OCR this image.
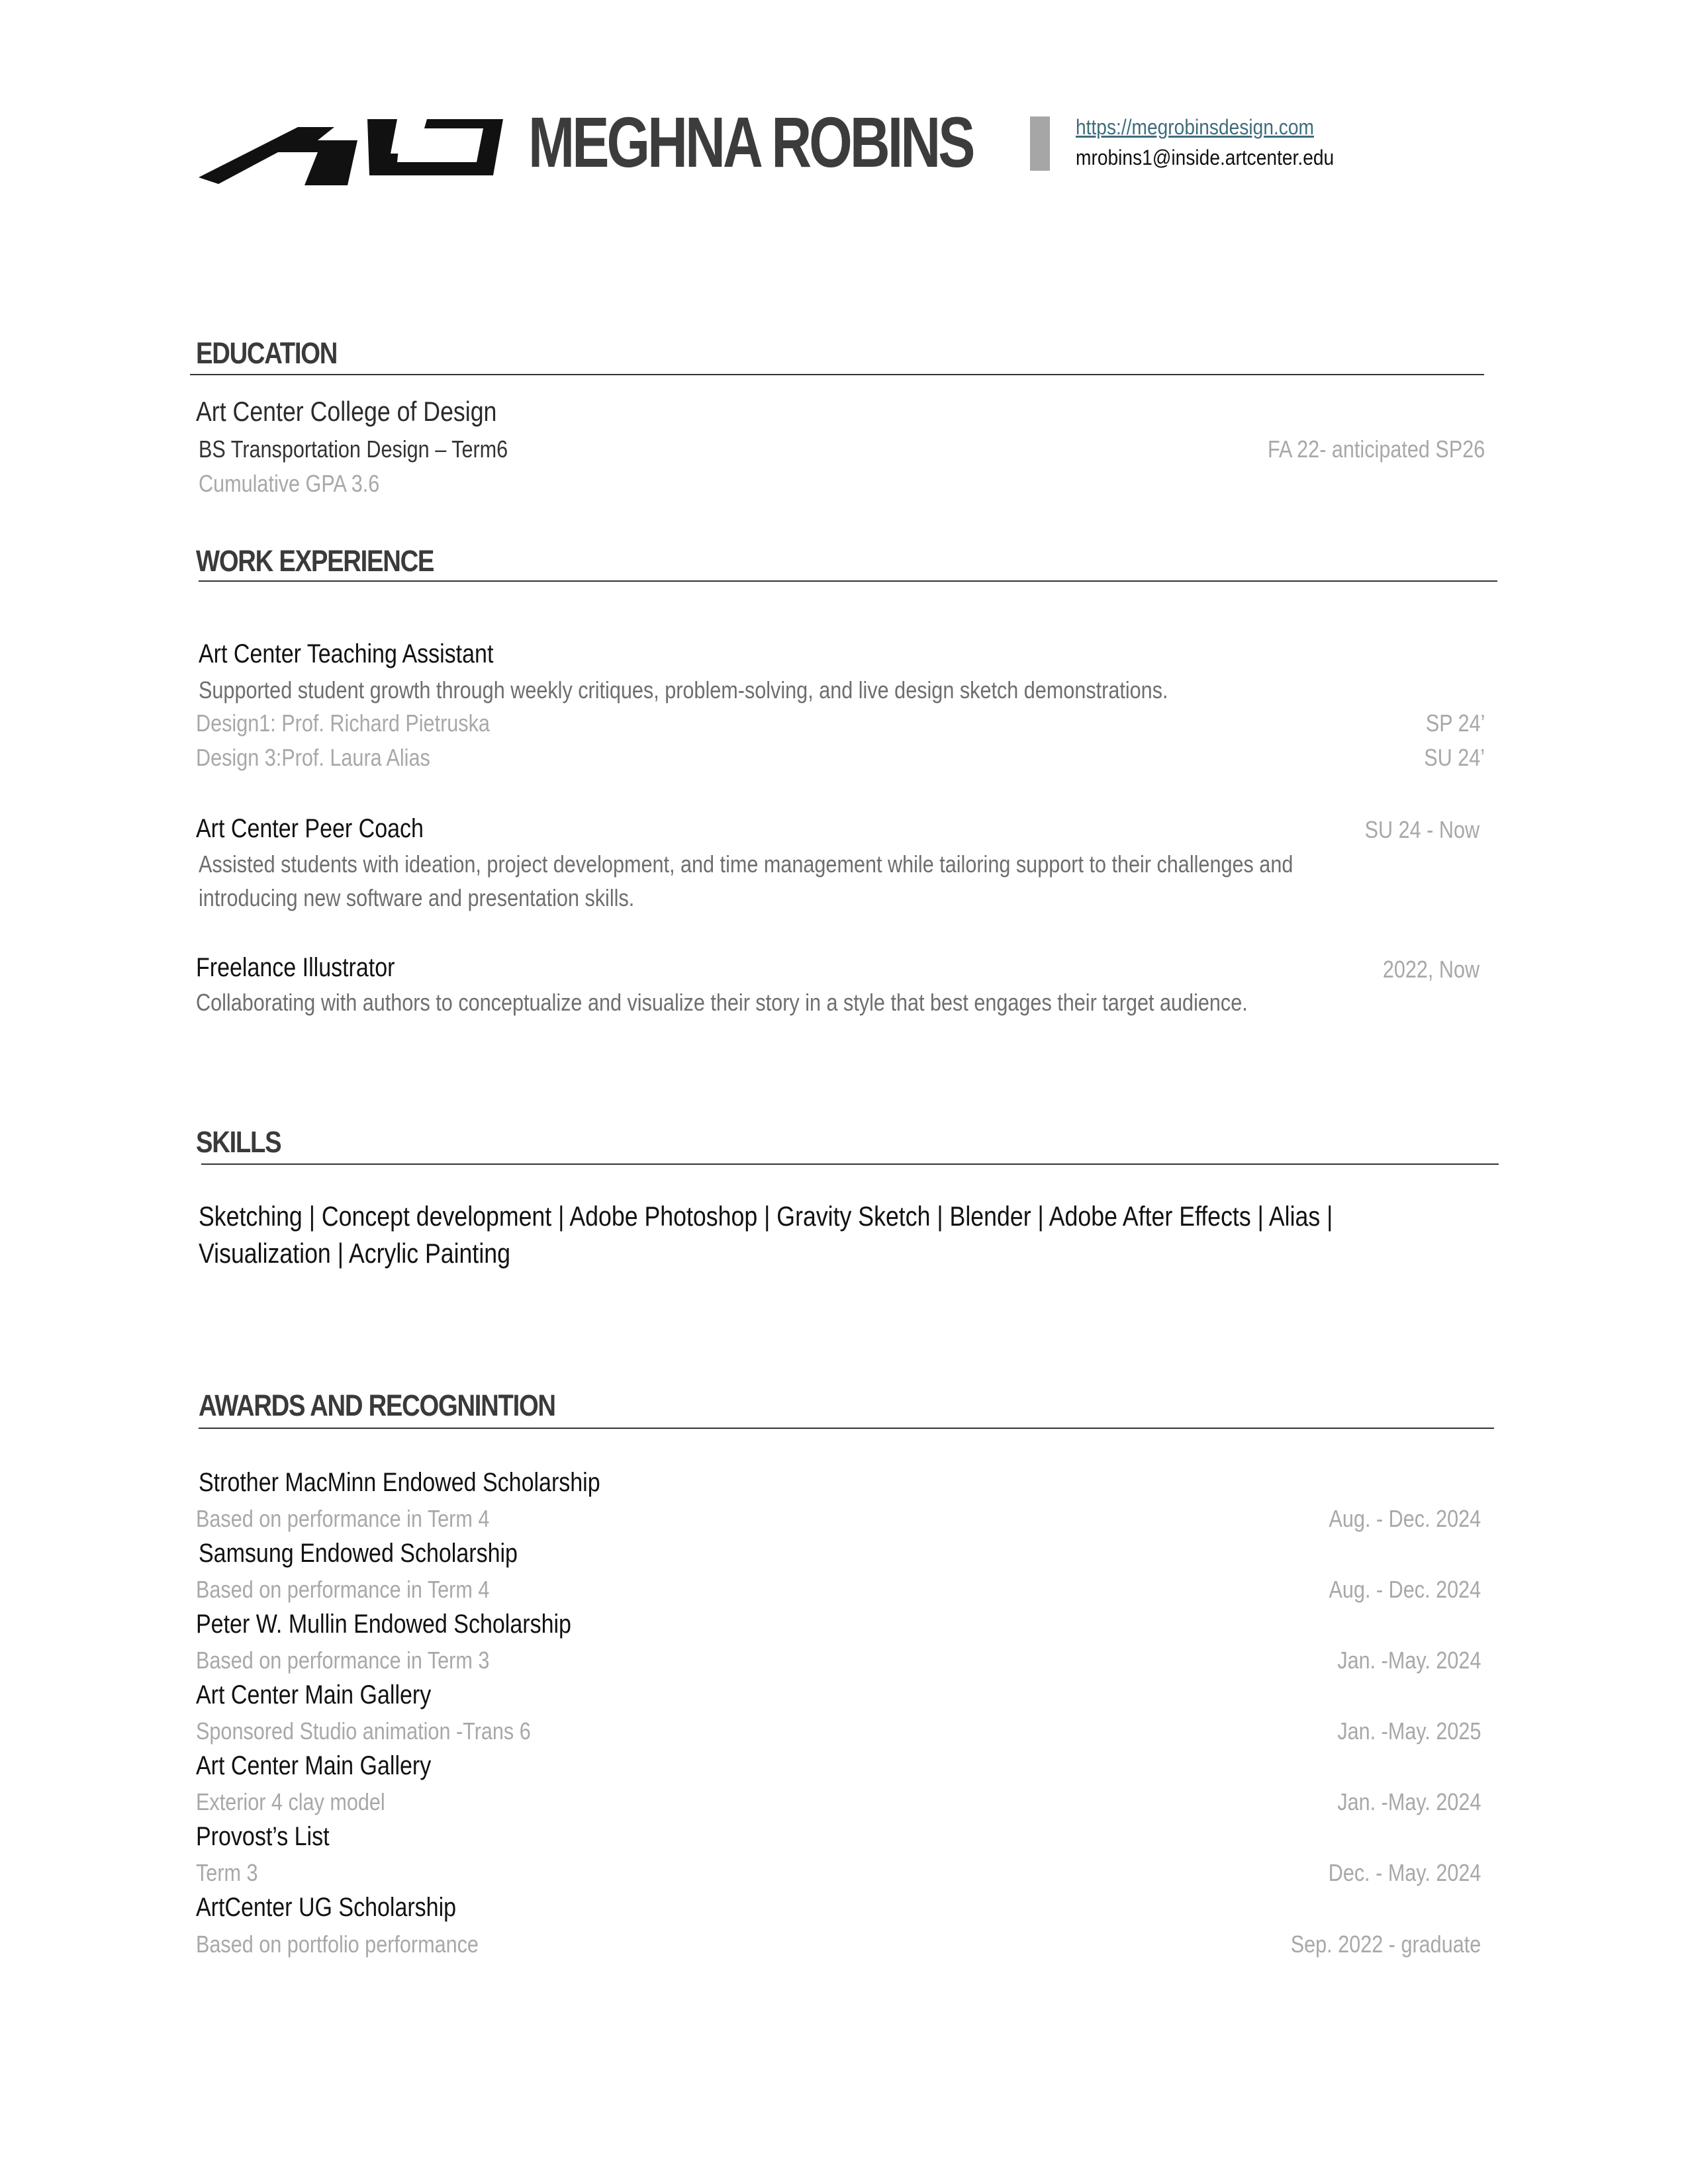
MEGHNA ROBINS	https://megrobinsdesign.com
mrobins1@inside.artcenter.edu
EDUCATION
Art Center College of Design
BS Transportation Design – Term6	FA 22- anticipated SP26
Cumulative GPA 3.6
WORK EXPERIENCE
Art Center Teaching Assistant
Supported student growth through weekly critiques, problem-solving, and live design sketch demonstrations.
Design1: Prof. Richard Pietruska	SP 24’
Design 3:Prof. Laura Alias	SU 24’
Art Center Peer Coach	SU 24 - Now
Assisted students with ideation, project development, and time management while tailoring support to their challenges and
introducing new software and presentation skills.
Freelance Illustrator	2022, Now
Collaborating with authors to conceptualize and visualize their story in a style that best engages their target audience.
SKILLS
Sketching | Concept development | Adobe Photoshop | Gravity Sketch | Blender | Adobe After Effects | Alias | Visualization | Acrylic Painting
AWARDS AND RECOGNINTION
Strother MacMinn Endowed Scholarship
Based on performance in Term 4	Aug. - Dec. 2024
Samsung Endowed Scholarship
Based on performance in Term 4	Aug. - Dec. 2024
Peter W. Mullin Endowed Scholarship
Based on performance in Term 3	Jan. -May. 2024
Art Center Main Gallery
Sponsored Studio animation -Trans 6	Jan. -May. 2025
Art Center Main Gallery
Exterior 4 clay model	Jan. -May. 2024
Provost’s List
Term 3	Dec. - May. 2024
ArtCenter UG Scholarship
Based on portfolio performance	Sep. 2022 - graduate
